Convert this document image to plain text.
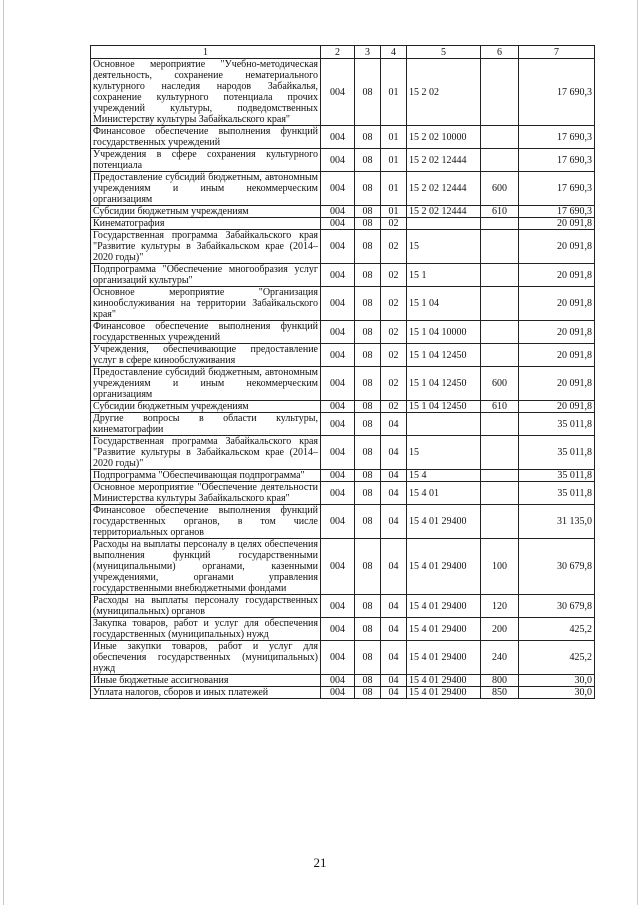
1	2	3	4	5	6	7
Основное мероприятие "Учебно-методическая деятельность, сохранение нематериального культурного наследия народов Забайкалья, сохранение культурного потенциала прочих учреждений культуры, подведомственных Министерству культуры Забайкальского края"	004	08	01	15 2 02		17 690,3
Финансовое обеспечение выполнения функций государственных учреждений	004	08	01	15 2 02 10000		17 690,3
Учреждения в сфере сохранения культурного потенциала	004	08	01	15 2 02 12444		17 690,3
Предоставление субсидий бюджетным, автономным учреждениям и иным некоммерческим организациям	004	08	01	15 2 02 12444	600	17 690,3
Субсидии бюджетным учреждениям	004	08	01	15 2 02 12444	610	17 690,3
Кинематография	004	08	02			20 091,8
Государственная программа Забайкальского края "Развитие культуры в Забайкальском крае (2014–2020 годы)"	004	08	02	15		20 091,8
Подпрограмма "Обеспечение многообразия услуг организаций культуры"	004	08	02	15 1		20 091,8
Основное мероприятие "Организация кинообслуживания на территории Забайкальского края"	004	08	02	15 1 04		20 091,8
Финансовое обеспечение выполнения функций государственных учреждений	004	08	02	15 1 04 10000		20 091,8
Учреждения, обеспечивающие предоставление услуг в сфере кинообслуживания	004	08	02	15 1 04 12450		20 091,8
Предоставление субсидий бюджетным, автономным учреждениям и иным некоммерческим организациям	004	08	02	15 1 04 12450	600	20 091,8
Субсидии бюджетным учреждениям	004	08	02	15 1 04 12450	610	20 091,8
Другие вопросы в области культуры, кинематографии	004	08	04			35 011,8
Государственная программа Забайкальского края "Развитие культуры в Забайкальском крае (2014–2020 годы)"	004	08	04	15		35 011,8
Подпрограмма "Обеспечивающая подпрограмма"	004	08	04	15 4		35 011,8
Основное мероприятие "Обеспечение деятельности Министерства культуры Забайкальского края"	004	08	04	15 4 01		35 011,8
Финансовое обеспечение выполнения функций государственных органов, в том числе территориальных органов	004	08	04	15 4 01 29400		31 135,0
Расходы на выплаты персоналу в целях обеспечения выполнения функций государственными (муниципальными) органами, казенными учреждениями, органами управления государственными внебюджетными фондами	004	08	04	15 4 01 29400	100	30 679,8
Расходы на выплаты персоналу государственных (муниципальных) органов	004	08	04	15 4 01 29400	120	30 679,8
Закупка товаров, работ и услуг для обеспечения государственных (муниципальных) нужд	004	08	04	15 4 01 29400	200	425,2
Иные закупки товаров, работ и услуг для обеспечения государственных (муниципальных) нужд	004	08	04	15 4 01 29400	240	425,2
Иные бюджетные ассигнования	004	08	04	15 4 01 29400	800	30,0
Уплата налогов, сборов и иных платежей	004	08	04	15 4 01 29400	850	30,0
21
